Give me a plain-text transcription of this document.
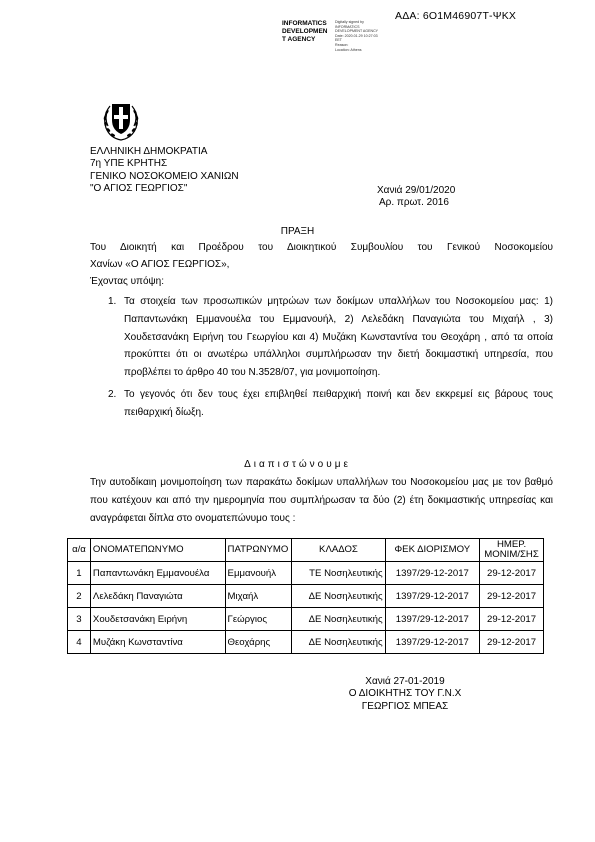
ΑΔΑ: 6Ο1Μ46907Τ-ΨΚΧ
INFORMATICS
DEVELOPMEN
T AGENCY
Digitally signed by
INFORMATICS
DEVELOPMENT AGENCY
Date: 2020.01.29 10:27:03
EET
Reason:
Location: Athens
ΕΛΛΗΝΙΚΗ ΔΗΜΟΚΡΑΤΙΑ
7η ΥΠΕ ΚΡΗΤΗΣ
ΓΕΝΙΚΟ ΝΟΣΟΚΟΜΕΙΟ ΧΑΝΙΩΝ
"Ο ΑΓΙΟΣ ΓΕΩΡΓΙΟΣ"	Χανιά 29/01/2020
Αρ. πρωτ. 2016
ΠΡΑΞΗ
Του Διοικητή και Προέδρου του Διοικητικού Συμβουλίου του Γενικού Νοσοκομείου
Χανίων «Ο ΑΓΙΟΣ ΓΕΩΡΓΙΟΣ»,
Έχοντας υπόψη:
1. Τα στοιχεία των προσωπικών μητρώων των δοκίμων υπαλλήλων του Νοσοκομείου μας: 1) Παπαντωνάκη Εμμανουέλα του Εμμανουήλ, 2) Λελεδάκη Παναγιώτα του Μιχαήλ , 3) Χουδετσανάκη Ειρήνη του Γεωργίου και 4) Μυζάκη Κωνσταντίνα του Θεοχάρη , από τα οποία προκύπτει ότι οι ανωτέρω υπάλληλοι συμπλήρωσαν την διετή δοκιμαστική υπηρεσία, που προβλέπει το άρθρο 40 του Ν.3528/07, για μονιμοποίηση.
2. Το γεγονός ότι δεν τους έχει επιβληθεί πειθαρχική ποινή και δεν εκκρεμεί εις βάρους τους πειθαρχική δίωξη.
Διαπιστώνουμε
Την αυτοδίκαιη μονιμοποίηση των παρακάτω δοκίμων υπαλλήλων του Νοσοκομείου μας με τον βαθμό που κατέχουν και από την ημερομηνία που συμπλήρωσαν τα δύο (2) έτη δοκιμαστικής υπηρεσίας και αναγράφεται δίπλα στο ονοματεπώνυμο τους :
α/α	ΟΝΟΜΑΤΕΠΩΝΥΜΟ	ΠΑΤΡΩΝΥΜΟ	ΚΛΑΔΟΣ	ΦΕΚ ΔΙΟΡΙΣΜΟΥ	ΗΜΕΡ.
ΜΟΝΙΜ/ΣΗΣ

1	Παπαντωνάκη Εμμανουέλα	Εμμανουήλ	ΤΕ Νοσηλευτικής	1397/29-12-2017	29-12-2017
2	Λελεδάκη Παναγιώτα	Μιχαήλ	ΔΕ Νοσηλευτικής	1397/29-12-2017	29-12-2017
3	Χουδετσανάκη Ειρήνη	Γεώργιος	ΔΕ Νοσηλευτικής	1397/29-12-2017	29-12-2017
4	Μυζάκη Κωνσταντίνα	Θεοχάρης	ΔΕ Νοσηλευτικής	1397/29-12-2017	29-12-2017
Χανιά 27-01-2019
Ο ΔΙΟΙΚΗΤΗΣ ΤΟΥ Γ.Ν.Χ
ΓΕΩΡΓΙΟΣ ΜΠΕΑΣ
